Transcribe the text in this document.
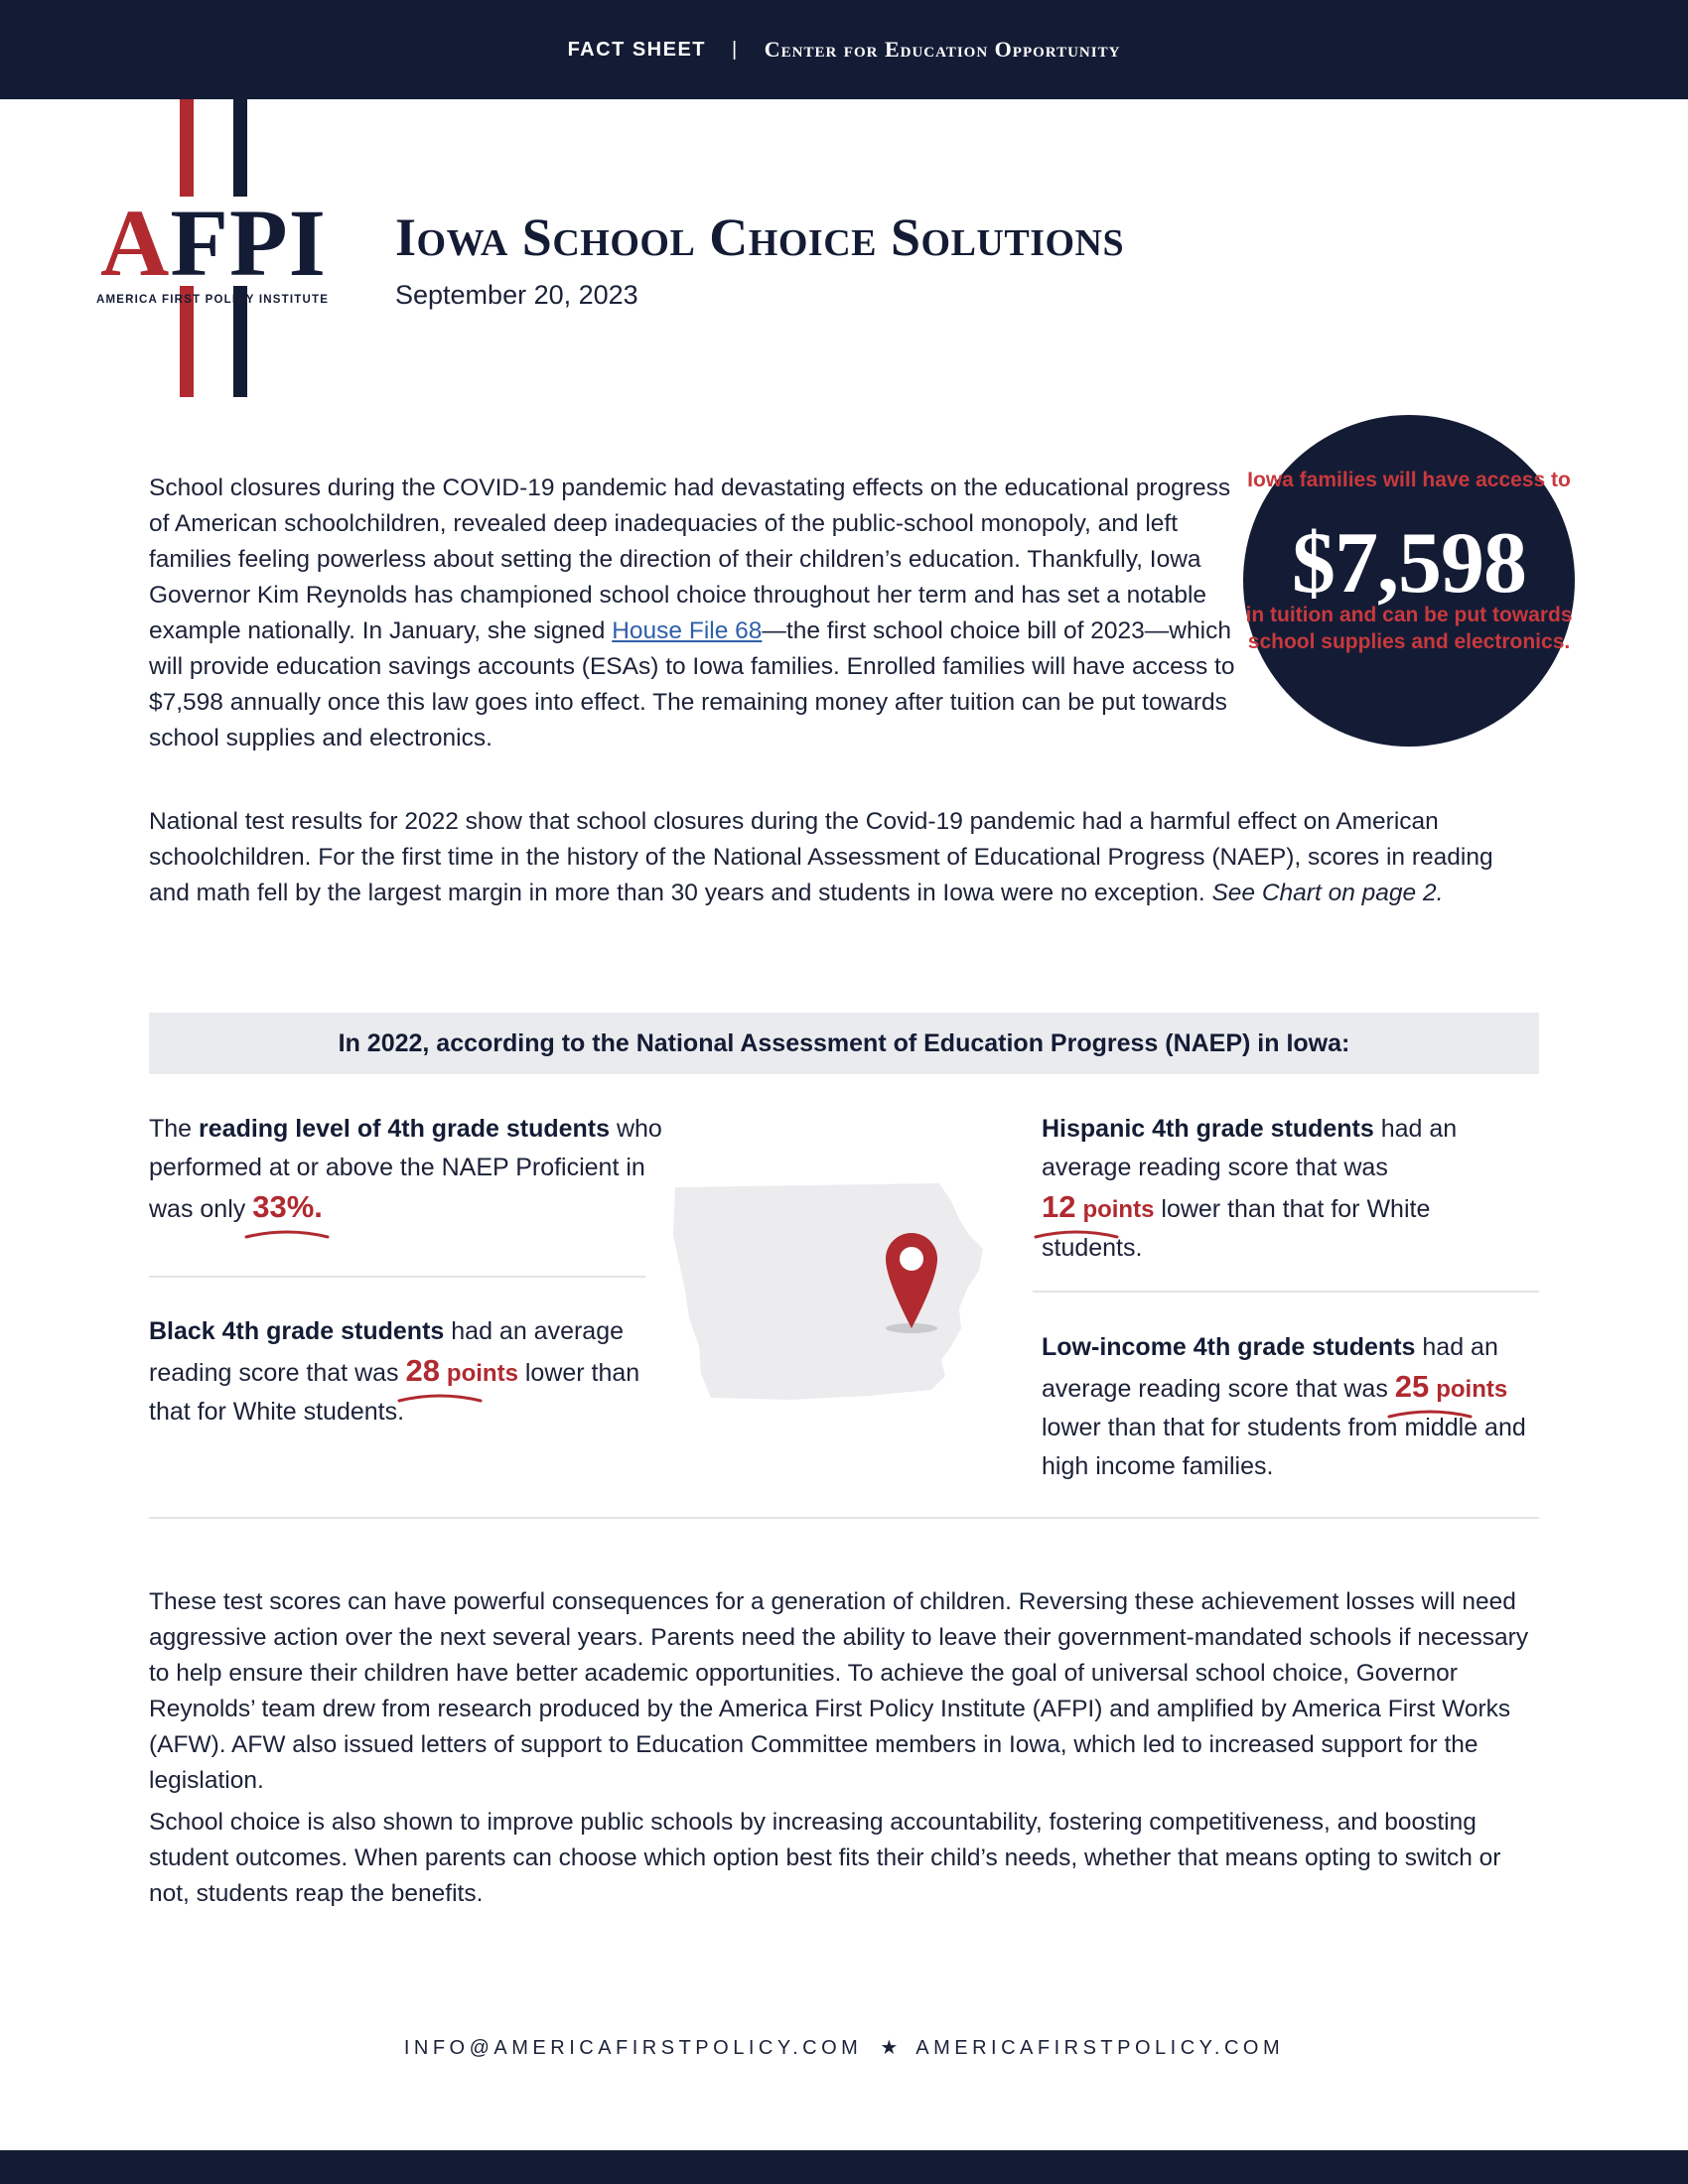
FACT SHEET | Center for Education Opportunity
AFPI
AMERICA FIRST POLICY INSTITUTE
Iowa School Choice Solutions
September 20, 2023
Iowa families will have access to
$7,598
in tuition and can be put towards school supplies and electronics.

School closures during the COVID-19 pandemic had devastating effects on the educational progress of American schoolchildren, revealed deep inadequacies of the public-school monopoly, and left families feeling powerless about setting the direction of their children’s education. Thankfully, Iowa Governor Kim Reynolds has championed school choice throughout her term and has set a notable example nationally. In January, she signed House File 68—the first school choice bill of 2023—which will provide education savings accounts (ESAs) to Iowa families. Enrolled families will have access to $7,598 annually once this law goes into effect. The remaining money after tuition can be put towards school supplies and electronics.

National test results for 2022 show that school closures during the Covid-19 pandemic had a harmful effect on American schoolchildren. For the first time in the history of the National Assessment of Educational Progress (NAEP), scores in reading and math fell by the largest margin in more than 30 years and students in Iowa were no exception. See Chart on page 2.

In 2022, according to the National Assessment of Education Progress (NAEP) in Iowa:

The reading level of 4th grade students who performed at or above the NAEP Proficient in was only 33%.

Black 4th grade students had an average reading score that was 28 points
lower than that for White students.

Hispanic 4th grade students had an average reading score that was 12 points
lower than that for White students.

Low-income 4th grade students had an average reading score that was 25 points
lower than that for students from middle and high income families.

These test scores can have powerful consequences for a generation of children. Reversing these achievement losses will need aggressive action over the next several years. Parents need the ability to leave their government-mandated schools if necessary to help ensure their children have better academic opportunities. To achieve the goal of universal school choice, Governor Reynolds’ team drew from research produced by the America First Policy Institute (AFPI) and amplified by America First Works (AFW). AFW also issued letters of support to Education Committee members in Iowa, which led to increased support for the legislation.

School choice is also shown to improve public schools by increasing accountability, fostering competitiveness, and boosting student outcomes. When parents can choose which option best fits their child’s needs, whether that means opting to switch or not, students reap the benefits.

INFO@AMERICAFIRSTPOLICY.COM ★ AMERICAFIRSTPOLICY.COM
